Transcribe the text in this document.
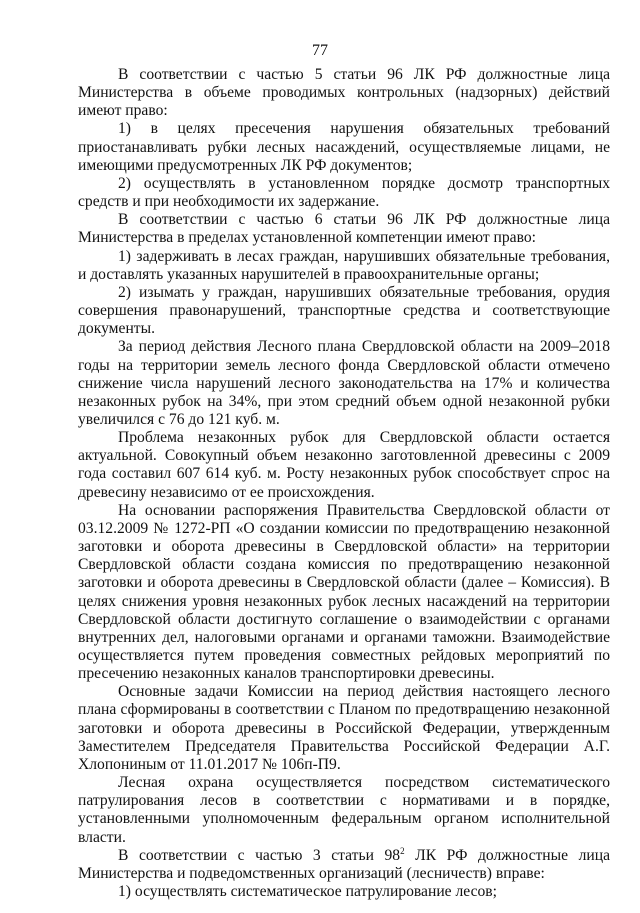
77

В соответствии с частью 5 статьи 96 ЛК РФ должностные лица Министерства в объеме проводимых контрольных (надзорных) действий имеют право:

1) в целях пресечения нарушения обязательных требований приостанавливать рубки лесных насаждений, осуществляемые лицами, не имеющими предусмотренных ЛК РФ документов;

2) осуществлять в установленном порядке досмотр транспортных средств и при необходимости их задержание.

В соответствии с частью 6 статьи 96 ЛК РФ должностные лица Министерства в пределах установленной компетенции имеют право:

1) задерживать в лесах граждан, нарушивших обязательные требования, и доставлять указанных нарушителей в правоохранительные органы;

2) изымать у граждан, нарушивших обязательные требования, орудия совершения правонарушений, транспортные средства и соответствующие документы.

За период действия Лесного плана Свердловской области на 2009–2018 годы на территории земель лесного фонда Свердловской области отмечено снижение числа нарушений лесного законодательства на 17% и количества незаконных рубок на 34%, при этом средний объем одной незаконной рубки увеличился с 76 до 121 куб. м.

Проблема незаконных рубок для Свердловской области остается актуальной. Совокупный объем незаконно заготовленной древесины с 2009 года составил 607 614 куб. м. Росту незаконных рубок способствует спрос на древесину независимо от ее происхождения.

На основании распоряжения Правительства Свердловской области от 03.12.2009 № 1272-РП «О создании комиссии по предотвращению незаконной заготовки и оборота древесины в Свердловской области» на территории Свердловской области создана комиссия по предотвращению незаконной заготовки и оборота древесины в Свердловской области (далее – Комиссия). В целях снижения уровня незаконных рубок лесных насаждений на территории Свердловской области достигнуто соглашение о взаимодействии с органами внутренних дел, налоговыми органами и органами таможни. Взаимодействие осуществляется путем проведения совместных рейдовых мероприятий по пресечению незаконных каналов транспортировки древесины.

Основные задачи Комиссии на период действия настоящего лесного плана сформированы в соответствии с Планом по предотвращению незаконной заготовки и оборота древесины в Российской Федерации, утвержденным Заместителем Председателя Правительства Российской Федерации А.Г. Хлопониным от 11.01.2017 № 106п-П9.

Лесная охрана осуществляется посредством систематического патрулирования лесов в соответствии с нормативами и в порядке, установленными уполномоченным федеральным органом исполнительной власти.

В соответствии с частью 3 статьи $98^2$ ЛК РФ должностные лица Министерства и подведомственных организаций (лесничеств) вправе:

1) осуществлять систематическое патрулирование лесов;
